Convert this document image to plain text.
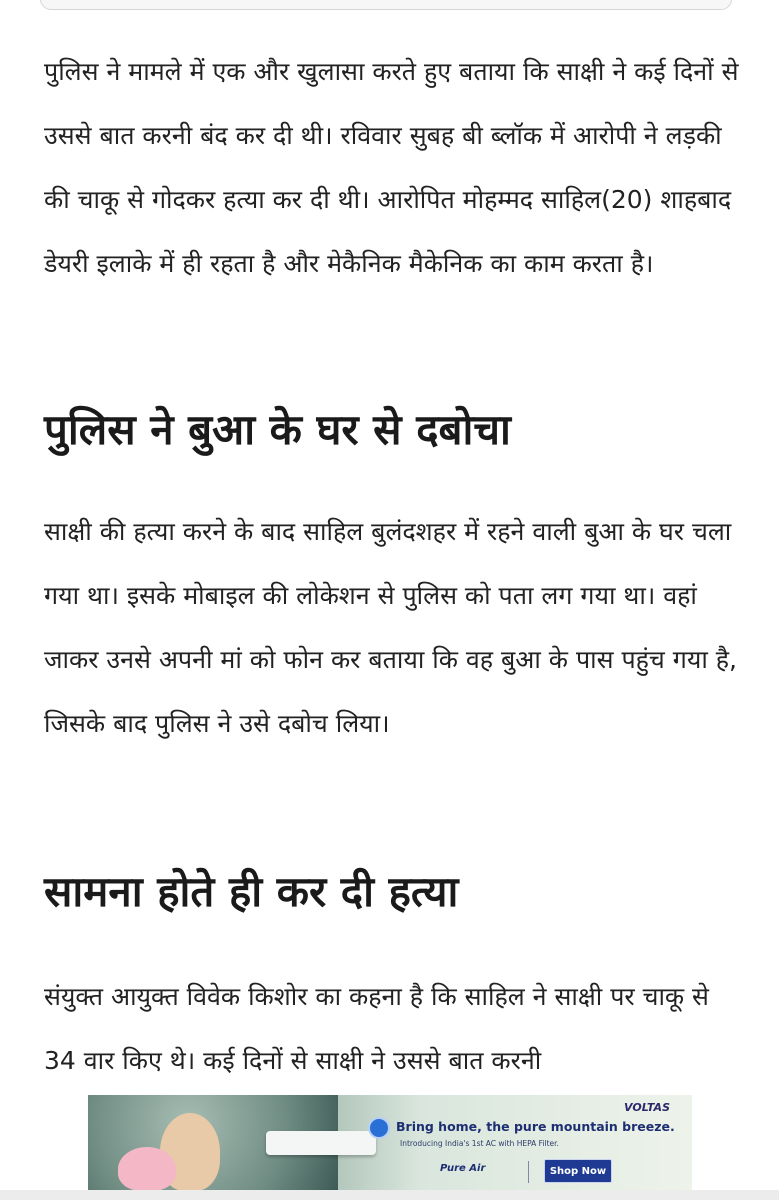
पुलिस ने मामले में एक और खुलासा करते हुए बताया कि साक्षी ने कई दिनों से उससे बात करनी बंद कर दी थी। रविवार सुबह बी ब्लॉक में आरोपी ने लड़की की चाकू से गोदकर हत्या कर दी थी। आरोपित मोहम्मद साहिल(20) शाहबाद डेयरी इलाके में ही रहता है और मेकैनिक मैकेनिक का काम करता है।

पुलिस ने बुआ के घर से दबोचा

साक्षी की हत्या करने के बाद साहिल बुलंदशहर में रहने वाली बुआ के घर चला गया था। इसके मोबाइल की लोकेशन से पुलिस को पता लग गया था। वहां जाकर उनसे अपनी मां को फोन कर बताया कि वह बुआ के पास पहुंच गया है, जिसके बाद पुलिस ने उसे दबोच लिया।

सामना होते ही कर दी हत्या

संयुक्त आयुक्त विवेक किशोर का कहना है कि साहिल ने साक्षी पर चाकू से 34 वार किए थे। कई दिनों से साक्षी ने उससे बात करनी

VOLTAS
Bring home, the pure mountain breeze.
Introducing India's 1st AC with HEPA Filter.
Pure Air	Shop Now
